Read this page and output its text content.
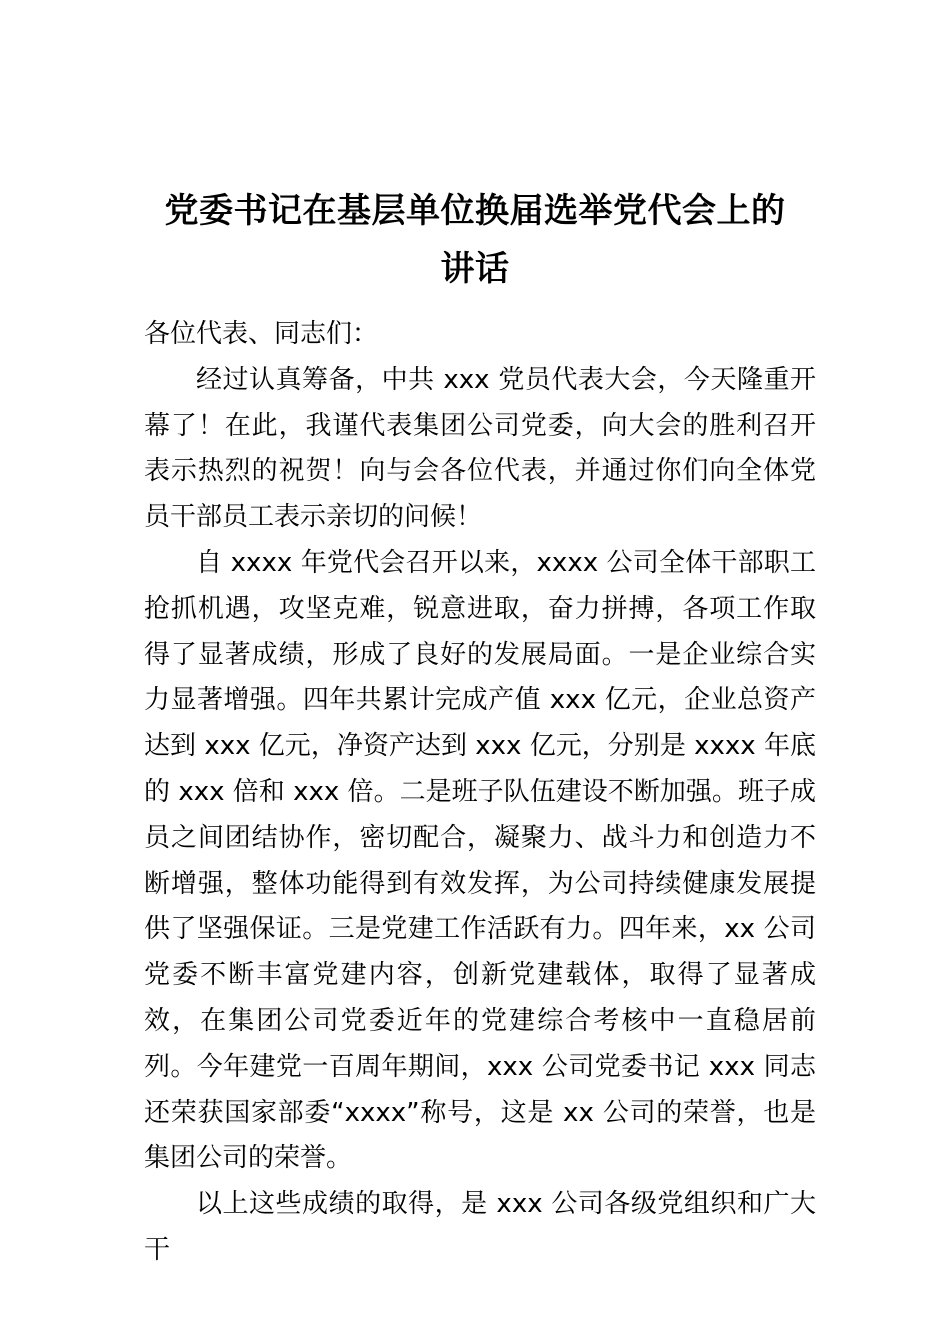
党委书记在基层单位换届选举党代会上的
讲话

各位代表、同志们：

经过认真筹备，中共 xxx 党员代表大会，今天隆重开幕了！在此，我谨代表集团公司党委，向大会的胜利召开表示热烈的祝贺！向与会各位代表，并通过你们向全体党员干部员工表示亲切的问候！

自 xxxx 年党代会召开以来，xxxx 公司全体干部职工抢抓机遇，攻坚克难，锐意进取，奋力拼搏，各项工作取得了显著成绩，形成了良好的发展局面。一是企业综合实力显著增强。四年共累计完成产值 xxx 亿元，企业总资产达到 xxx 亿元，净资产达到 xxx 亿元，分别是 xxxx 年底的 xxx 倍和 xxx 倍。二是班子队伍建设不断加强。班子成员之间团结协作，密切配合，凝聚力、战斗力和创造力不断增强，整体功能得到有效发挥，为公司持续健康发展提供了坚强保证。三是党建工作活跃有力。四年来，xx 公司党委不断丰富党建内容，创新党建载体，取得了显著成效，在集团公司党委近年的党建综合考核中一直稳居前列。今年建党一百周年期间，xxx 公司党委书记 xxx 同志还荣获国家部委“xxxx”称号，这是 xx 公司的荣誉，也是集团公司的荣誉。

以上这些成绩的取得，是 xxx 公司各级党组织和广大干
